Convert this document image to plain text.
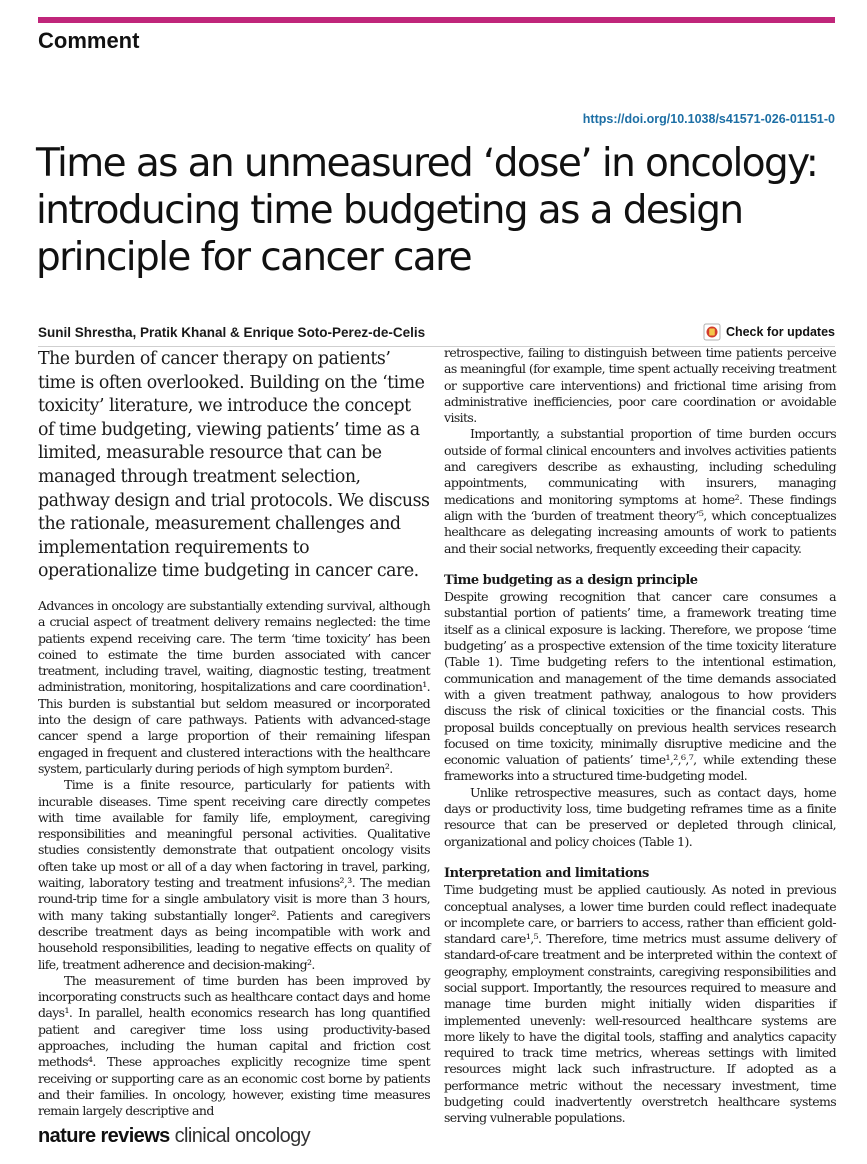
Comment
https://doi.org/10.1038/s41571-026-01151-0
Time as an unmeasured ‘dose’ in oncology: introducing time budgeting as a design principle for cancer care
Sunil Shrestha, Pratik Khanal & Enrique Soto-Perez-de-Celis	Check for updates

The burden of cancer therapy on patients’ time is often overlooked. Building on the ‘time toxicity’ literature, we introduce the concept of time budgeting, viewing patients’ time as a limited, measurable resource that can be managed through treatment selection, pathway design and trial protocols. We discuss the rationale, measurement challenges and implementation requirements to operationalize time budgeting in cancer care.

Advances in oncology are substantially extending survival, although a crucial aspect of treatment delivery remains neglected: the time patients expend receiving care. The term ‘time toxicity’ has been coined to estimate the time burden associated with cancer treatment, including travel, waiting, diagnostic testing, treatment administration, monitoring, hospitalizations and care coordination¹. This burden is substantial but seldom measured or incorporated into the design of care pathways. Patients with advanced-stage cancer spend a large proportion of their remaining lifespan engaged in frequent and clustered interactions with the healthcare system, particularly during periods of high symptom burden².

Time is a finite resource, particularly for patients with incurable diseases. Time spent receiving care directly competes with time available for family life, employment, caregiving responsibilities and meaningful personal activities. Qualitative studies consistently demonstrate that outpatient oncology visits often take up most or all of a day when factoring in travel, parking, waiting, laboratory testing and treatment infusions²,³. The median round-trip time for a single ambulatory visit is more than 3 hours, with many taking substantially longer². Patients and caregivers describe treatment days as being incompatible with work and household responsibilities, leading to negative effects on quality of life, treatment adherence and decision-making².

The measurement of time burden has been improved by incorporating constructs such as healthcare contact days and home days¹. In parallel, health economics research has long quantified patient and caregiver time loss using productivity-based approaches, including the human capital and friction cost methods⁴. These approaches explicitly recognize time spent receiving or supporting care as an economic cost borne by patients and their families. In oncology, however, existing time measures remain largely descriptive and

retrospective, failing to distinguish between time patients perceive as meaningful (for example, time spent actually receiving treatment or supportive care interventions) and frictional time arising from administrative inefficiencies, poor care coordination or avoidable visits.

Importantly, a substantial proportion of time burden occurs outside of formal clinical encounters and involves activities patients and caregivers describe as exhausting, including scheduling appointments, communicating with insurers, managing medications and monitoring symptoms at home². These findings align with the ‘burden of treatment theory’⁵, which conceptualizes healthcare as delegating increasing amounts of work to patients and their social networks, frequently exceeding their capacity.

Time budgeting as a design principle

Despite growing recognition that cancer care consumes a substantial portion of patients’ time, a framework treating time itself as a clinical exposure is lacking. Therefore, we propose ‘time budgeting’ as a prospective extension of the time toxicity literature (Table 1). Time budgeting refers to the intentional estimation, communication and management of the time demands associated with a given treatment pathway, analogous to how providers discuss the risk of clinical toxicities or the financial costs. This proposal builds conceptually on previous health services research focused on time toxicity, minimally disruptive medicine and the economic valuation of patients’ time¹,²,⁶,⁷, while extending these frameworks into a structured time-budgeting model.

Unlike retrospective measures, such as contact days, home days or productivity loss, time budgeting reframes time as a finite resource that can be preserved or depleted through clinical, organizational and policy choices (Table 1).

Interpretation and limitations

Time budgeting must be applied cautiously. As noted in previous conceptual analyses, a lower time burden could reflect inadequate or incomplete care, or barriers to access, rather than efficient gold-standard care¹,⁵. Therefore, time metrics must assume delivery of standard-of-care treatment and be interpreted within the context of geography, employment constraints, caregiving responsibilities and social support. Importantly, the resources required to measure and manage time burden might initially widen disparities if implemented unevenly: well-resourced healthcare systems are more likely to have the digital tools, staffing and analytics capacity required to track time metrics, whereas settings with limited resources might lack such infrastructure. If adopted as a performance metric without the necessary investment, time budgeting could inadvertently overstretch healthcare systems serving vulnerable populations.

nature reviews clinical oncology
